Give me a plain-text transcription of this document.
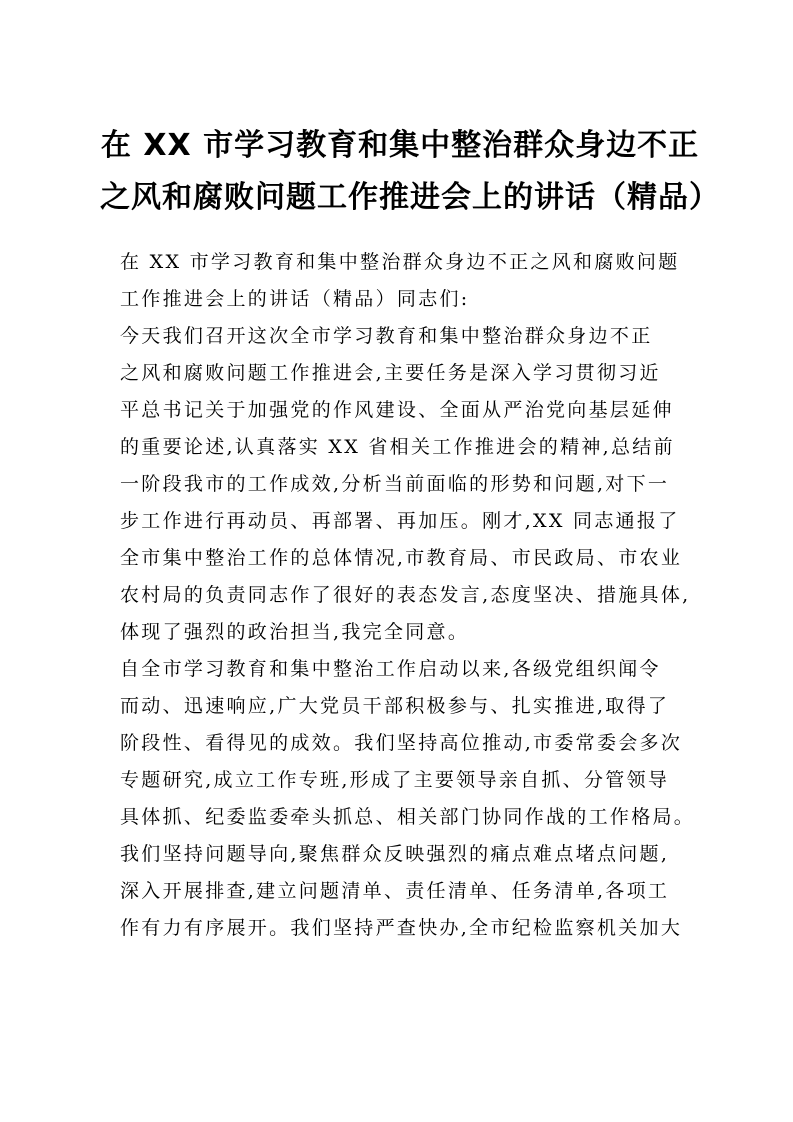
在 XX 市学习教育和集中整治群众身边不正
之风和腐败问题工作推进会上的讲话（精品）
在 XX 市学习教育和集中整治群众身边不正之风和腐败问题
工作推进会上的讲话（精品）同志们:
今天我们召开这次全市学习教育和集中整治群众身边不正
之风和腐败问题工作推进会,主要任务是深入学习贯彻习近
平总书记关于加强党的作风建设、全面从严治党向基层延伸
的重要论述,认真落实 XX 省相关工作推进会的精神,总结前
一阶段我市的工作成效,分析当前面临的形势和问题,对下一
步工作进行再动员、再部署、再加压。刚才,XX 同志通报了
全市集中整治工作的总体情况,市教育局、市民政局、市农业
农村局的负责同志作了很好的表态发言,态度坚决、措施具体,
体现了强烈的政治担当,我完全同意。
自全市学习教育和集中整治工作启动以来,各级党组织闻令
而动、迅速响应,广大党员干部积极参与、扎实推进,取得了
阶段性、看得见的成效。我们坚持高位推动,市委常委会多次
专题研究,成立工作专班,形成了主要领导亲自抓、分管领导
具体抓、纪委监委牵头抓总、相关部门协同作战的工作格局。
我们坚持问题导向,聚焦群众反映强烈的痛点难点堵点问题,
深入开展排查,建立问题清单、责任清单、任务清单,各项工
作有力有序展开。我们坚持严查快办,全市纪检监察机关加大
